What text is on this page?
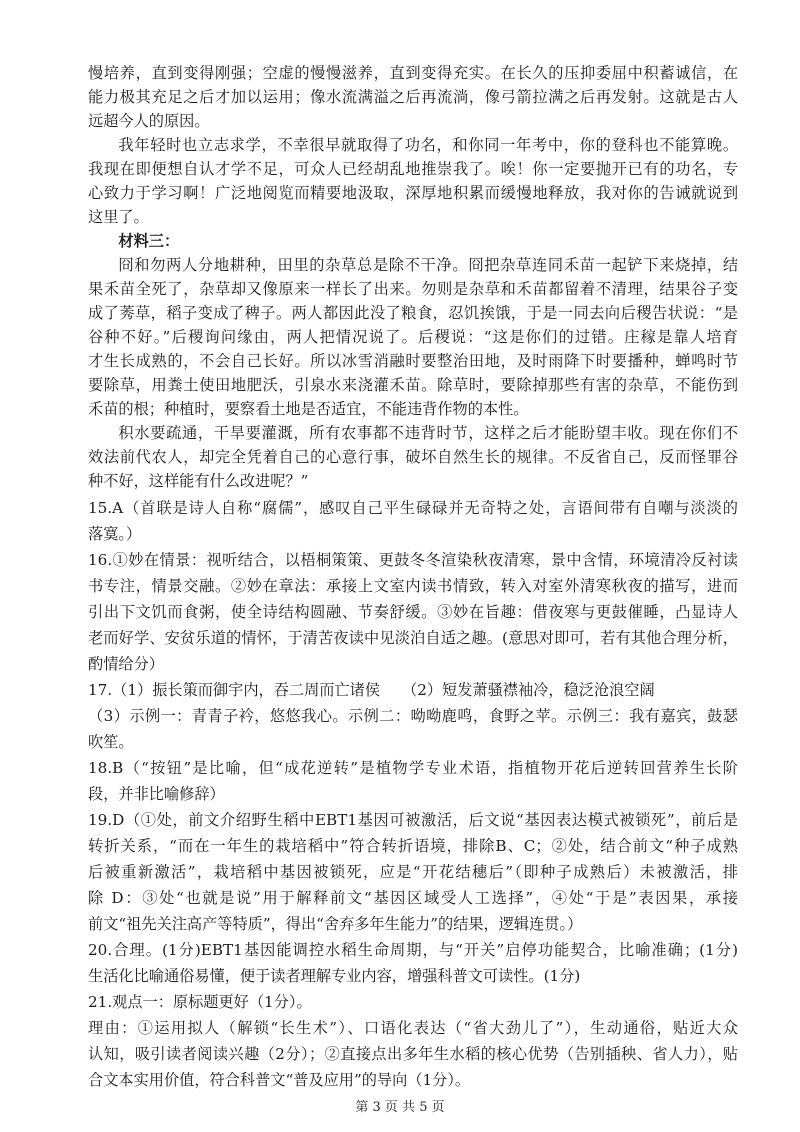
慢培养，直到变得刚强；空虚的慢慢滋养，直到变得充实。在长久的压抑委屈中积蓄诚信，在
能力极其充足之后才加以运用；像水流满溢之后再流淌，像弓箭拉满之后再发射。这就是古人
远超今人的原因。
我年轻时也立志求学，不幸很早就取得了功名，和你同一年考中，你的登科也不能算晚。
我现在即便想自认才学不足，可众人已经胡乱地推崇我了。唉！你一定要抛开已有的功名，专
心致力于学习啊！广泛地阅览而精要地汲取，深厚地积累而缓慢地释放，我对你的告诫就说到
这里了。
材料三：
冏和勿两人分地耕种，田里的杂草总是除不干净。冏把杂草连同禾苗一起铲下来烧掉，结
果禾苗全死了，杂草却又像原来一样长了出来。勿则是杂草和禾苗都留着不清理，结果谷子变
成了莠草，稻子变成了稗子。两人都因此没了粮食，忍饥挨饿，于是一同去向后稷告状说：“是
谷种不好。”后稷询问缘由，两人把情况说了。后稷说：“这是你们的过错。庄稼是靠人培育
才生长成熟的，不会自己长好。所以冰雪消融时要整治田地，及时雨降下时要播种，蝉鸣时节
要除草，用粪土使田地肥沃，引泉水来浇灌禾苗。除草时，要除掉那些有害的杂草，不能伤到
禾苗的根；种植时，要察看土地是否适宜，不能违背作物的本性。
积水要疏通，干旱要灌溉，所有农事都不违背时节，这样之后才能盼望丰收。现在你们不
效法前代农人，却完全凭着自己的心意行事，破坏自然生长的规律。不反省自己，反而怪罪谷
种不好，这样能有什么改进呢？”
15.A（首联是诗人自称“腐儒”，感叹自己平生碌碌并无奇特之处，言语间带有自嘲与淡淡的
落寞。）
16.①妙在情景：视听结合，以梧桐策策、更鼓冬冬渲染秋夜清寒，景中含情，环境清冷反衬读
书专注，情景交融。②妙在章法：承接上文室内读书情致，转入对室外清寒秋夜的描写，进而
引出下文饥而食粥，使全诗结构圆融、节奏舒缓。③妙在旨趣：借夜寒与更鼓催睡，凸显诗人
老而好学、安贫乐道的情怀，于清苦夜读中见淡泊自适之趣。(意思对即可，若有其他合理分析，
酌情给分）
17.（1）振长策而御宇内，吞二周而亡诸侯 （2）短发萧骚襟袖冷，稳泛沧浪空阔
（3）示例一：青青子衿，悠悠我心。示例二：呦呦鹿鸣，食野之苹。示例三：我有嘉宾，鼓瑟
吹笙。
18.B（“按钮”是比喻，但“成花逆转”是植物学专业术语，指植物开花后逆转回营养生长阶
段，并非比喻修辞）
19.D（①处，前文介绍野生稻中EBT1基因可被激活，后文说“基因表达模式被锁死”，前后是
转折关系，“而在一年生的栽培稻中”符合转折语境，排除B、C；②处，结合前文“种子成熟
后被重新激活”，栽培稻中基因被锁死，应是“开花结穗后”（即种子成熟后）未被激活，排
除 D：③处“也就是说”用于解释前文“基因区域受人工选择”，④处“于是”表因果，承接
前文“祖先关注高产等特质”，得出“舍弃多年生能力”的结果，逻辑连贯。）
20.合理。(1分)EBT1基因能调控水稻生命周期，与“开关”启停功能契合，比喻准确；(1分)
生活化比喻通俗易懂，便于读者理解专业内容，增强科普文可读性。(1分)
21.观点一：原标题更好（1分）。
理由：①运用拟人（解锁“长生术”）、口语化表达（“省大劲儿了”），生动通俗，贴近大众
认知，吸引读者阅读兴趣（2分）；②直接点出多年生水稻的核心优势（告别插秧、省人力），贴
合文本实用价值，符合科普文“普及应用”的导向（1分）。
第 3 页 共 5 页
